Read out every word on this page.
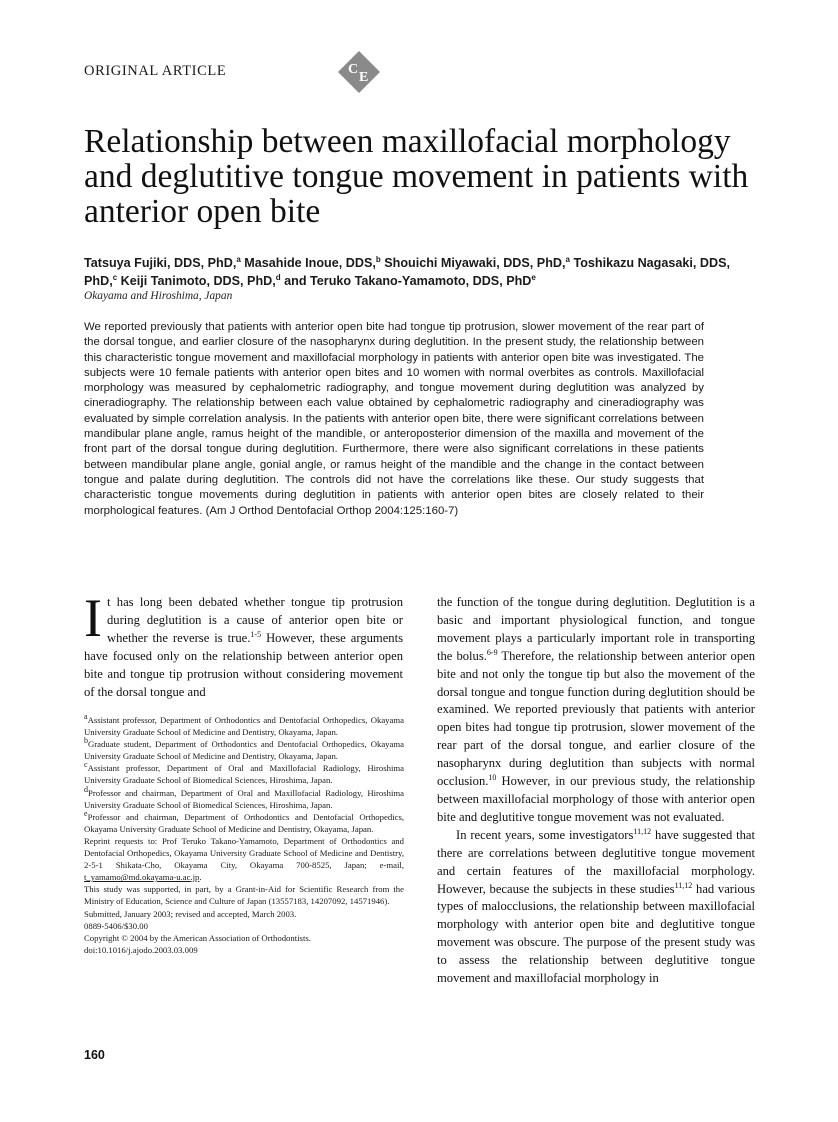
ORIGINAL ARTICLE	C
E
Relationship between maxillofacial morphology and deglutitive tongue movement in patients with anterior open bite

Tatsuya Fujiki, DDS, PhD,$^a$ Masahide Inoue, DDS,$^b$ Shouichi Miyawaki, DDS, PhD,$^a$ Toshikazu Nagasaki, DDS, PhD,$^c$ Keiji Tanimoto, DDS, PhD,$^d$ and Teruko Takano-Yamamoto, DDS, PhD$^e$

Okayama and Hiroshima, Japan

We reported previously that patients with anterior open bite had tongue tip protrusion, slower movement of the rear part of the dorsal tongue, and earlier closure of the nasopharynx during deglutition. In the present study, the relationship between this characteristic tongue movement and maxillofacial morphology in patients with anterior open bite was investigated. The subjects were 10 female patients with anterior open bites and 10 women with normal overbites as controls. Maxillofacial morphology was measured by cephalometric radiography, and tongue movement during deglutition was analyzed by cineradiography. The relationship between each value obtained by cephalometric radiography and cineradiography was evaluated by simple correlation analysis. In the patients with anterior open bite, there were significant correlations between mandibular plane angle, ramus height of the mandible, or anteroposterior dimension of the maxilla and movement of the front part of the dorsal tongue during deglutition. Furthermore, there were also significant correlations in these patients between mandibular plane angle, gonial angle, or ramus height of the mandible and the change in the contact between tongue and palate during deglutition. The controls did not have the correlations like these. Our study suggests that characteristic tongue movements during deglutition in patients with anterior open bites are closely related to their morphological features. (Am J Orthod Dentofacial Orthop 2004:125:160-7)

It has long been debated whether tongue tip protrusion during deglutition is a cause of anterior open bite or whether the reverse is true.$^{1-5}$ However, these arguments have focused only on the relationship between anterior open bite and tongue tip protrusion without considering movement of the dorsal tongue and

$^a$Assistant professor, Department of Orthodontics and Dentofacial Orthopedics, Okayama University Graduate School of Medicine and Dentistry, Okayama, Japan.

$^b$Graduate student, Department of Orthodontics and Dentofacial Orthopedics, Okayama University Graduate School of Medicine and Dentistry, Okayama, Japan.

$^c$Assistant professor, Department of Oral and Maxillofacial Radiology, Hiroshima University Graduate School of Biomedical Sciences, Hiroshima, Japan.

$^d$Professor and chairman, Department of Oral and Maxillofacial Radiology, Hiroshima University Graduate School of Biomedical Sciences, Hiroshima, Japan.

$^e$Professor and chairman, Department of Orthodontics and Dentofacial Orthopedics, Okayama University Graduate School of Medicine and Dentistry, Okayama, Japan.

Reprint requests to: Prof Teruko Takano-Yamamoto, Department of Orthodontics and Dentofacial Orthopedics, Okayama University Graduate School of Medicine and Dentistry, 2-5-1 Shikata-Cho, Okayama City, Okayama 700-8525, Japan; e-mail, t_yamamo@md.okayama-u.ac.jp.

This study was supported, in part, by a Grant-in-Aid for Scientific Research from the Ministry of Education, Science and Culture of Japan (13557183, 14207092, 14571946).

Submitted, January 2003; revised and accepted, March 2003.

0889-5406/$30.00

Copyright © 2004 by the American Association of Orthodontists.

doi:10.1016/j.ajodo.2003.03.009

the function of the tongue during deglutition. Deglutition is a basic and important physiological function, and tongue movement plays a particularly important role in transporting the bolus.$^{6-9}$ Therefore, the relationship between anterior open bite and not only the tongue tip but also the movement of the dorsal tongue and tongue function during deglutition should be examined. We reported previously that patients with anterior open bites had tongue tip protrusion, slower movement of the rear part of the dorsal tongue, and earlier closure of the nasopharynx during deglutition than subjects with normal occlusion.$^{10}$ However, in our previous study, the relationship between maxillofacial morphology of those with anterior open bite and deglutitive tongue movement was not evaluated.

In recent years, some investigators$^{11,12}$ have suggested that there are correlations between deglutitive tongue movement and certain features of the maxillofacial morphology. However, because the subjects in these studies$^{11,12}$ had various types of malocclusions, the relationship between maxillofacial morphology with anterior open bite and deglutitive tongue movement was obscure. The purpose of the present study was to assess the relationship between deglutitive tongue movement and maxillofacial morphology in

160
